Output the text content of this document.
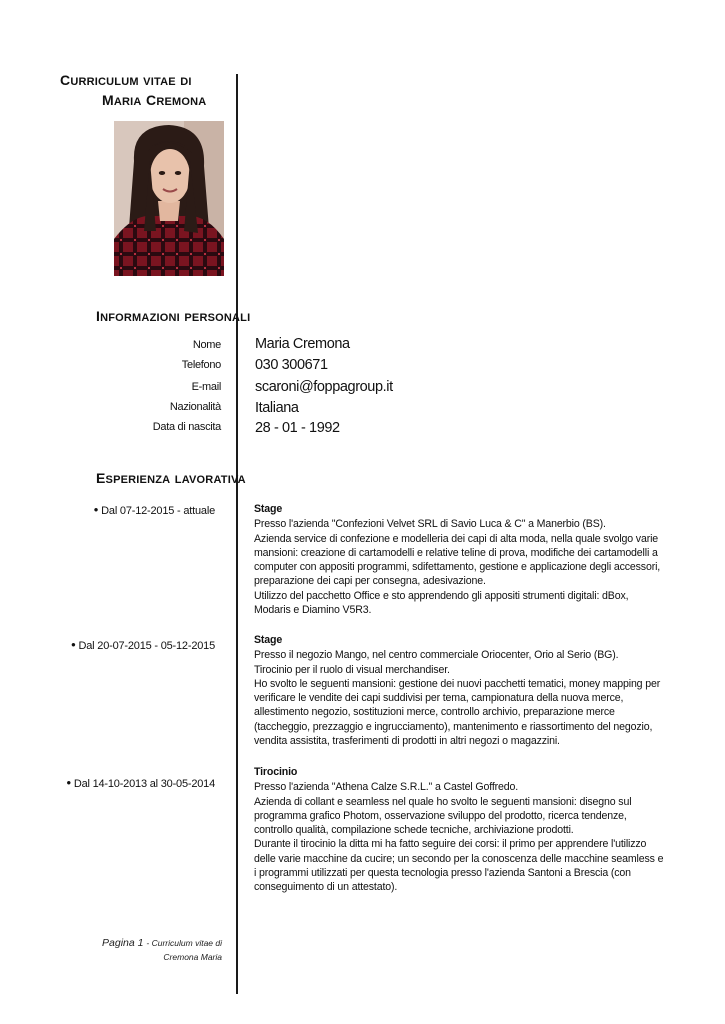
CURRICULUM VITAE DI
MARIA CREMONA
INFORMAZIONI PERSONALI
Nome Maria Cremona
Telefono 030 300671
E-mail scaroni@foppagroup.it
Nazionalità Italiana
Data di nascita 28 - 01 - 1992
ESPERIENZA LAVORATIVA
• Dal 07-12-2015 - attuale	Stage

Presso l'azienda "Confezioni Velvet SRL di Savio Luca & C" a Manerbio (BS).

Azienda service di confezione e modelleria dei capi di alta moda, nella quale svolgo varie mansioni: creazione di cartamodelli e relative teline di prova, modifiche dei cartamodelli a computer con appositi programmi, sdifettamento, gestione e applicazione degli accessori, preparazione dei capi per consegna, adesivazione.

Utilizzo del pacchetto Office e sto apprendendo gli appositi strumenti digitali: dBox, Modaris e Diamino V5R3.

• Dal 20-07-2015 - 05-12-2015	Stage

Presso il negozio Mango, nel centro commerciale Oriocenter, Orio al Serio (BG).

Tirocinio per il ruolo di visual merchandiser.

Ho svolto le seguenti mansioni: gestione dei nuovi pacchetti tematici, money mapping per verificare le vendite dei capi suddivisi per tema, campionatura della nuova merce, allestimento negozio, sostituzioni merce, controllo archivio, preparazione merce (taccheggio, prezzaggio e ingrucciamento), mantenimento e riassortimento del negozio, vendita assistita, trasferimenti di prodotti in altri negozi o magazzini.

• Dal 14-10-2013 al 30-05-2014
Tirocinio

Presso l'azienda "Athena Calze S.R.L." a Castel Goffredo.

Azienda di collant e seamless nel quale ho svolto le seguenti mansioni: disegno sul programma grafico Photom, osservazione sviluppo del prodotto, ricerca tendenze, controllo qualità, compilazione schede tecniche, archiviazione prodotti.

Durante il tirocinio la ditta mi ha fatto seguire dei corsi: il primo per apprendere l'utilizzo delle varie macchine da cucire; un secondo per la conoscenza delle macchine seamless e i programmi utilizzati per questa tecnologia presso l'azienda Santoni a Brescia (con conseguimento di un attestato).

Pagina 1 - Curriculum vitae di
Cremona Maria
